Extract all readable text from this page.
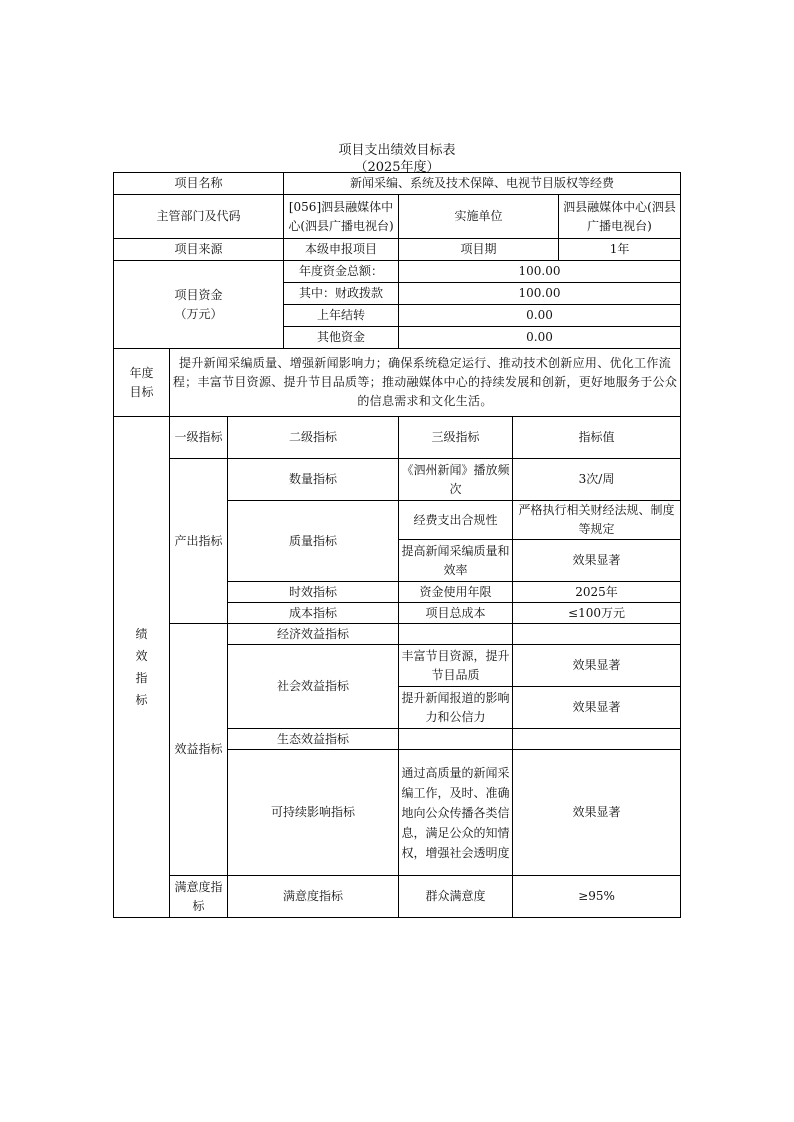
项目支出绩效目标表
（2025年度）
项目名称			新闻采编、系统及技术保障、电视节目版权等经费			
主管部门及代码			[056]泗县融媒体中心(泗县广播电视台)	实施单位		泗县融媒体中心(泗县广播电视台)
项目来源			本级申报项目	项目期		1年

项目资金
（万元）			年度资金总额：	100.00		
			其中：财政拨款	100.00		
			上年结转	0.00		
			其他资金	0.00		

年度
目标	提升新闻采编质量、增强新闻影响力；确保系统稳定运行、推动技术创新应用、优化工作流程；丰富节目资源、提升节目品质等；推动融媒体中心的持续发展和创新，更好地服务于公众的信息需求和文化生活。					

绩
效
指
标	一级指标	二级指标		三级指标	指标值	
	产出指标	数量指标		《泗州新闻》播放频次	3次/周	
		质量指标		经费支出合规性	严格执行相关财经法规、制度等规定	
				提高新闻采编质量和效率	效果显著	
		时效指标		资金使用年限	2025年	
		成本指标		项目总成本	≤100万元	

	效益指标	经济效益指标				
		社会效益指标		丰富节目资源，提升节目品质	效果显著	
				提升新闻报道的影响力和公信力	效果显著	
		生态效益指标				
		可持续影响指标		通过高质量的新闻采编工作，及时、准确地向公众传播各类信息，满足公众的知情权，增强社会透明度	效果显著	

	满意度指标	满意度指标		群众满意度	≥95%	
